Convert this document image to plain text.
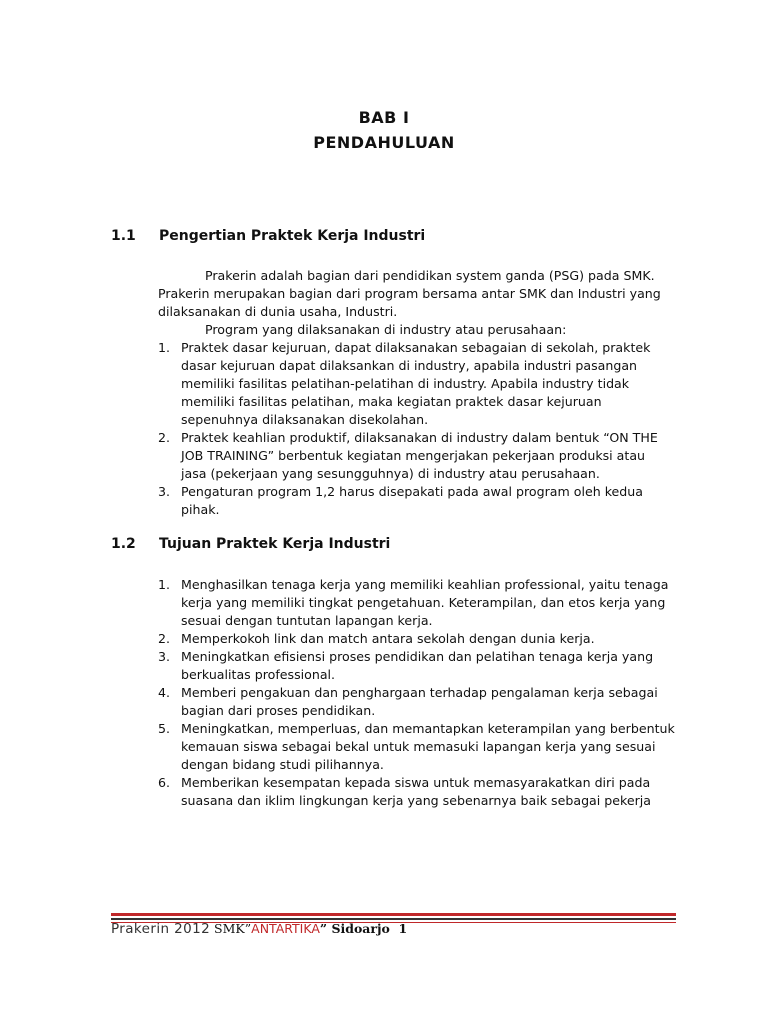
BAB I
PENDAHULUAN
1.1 Pengertian Praktek Kerja Industri
Prakerin adalah bagian dari pendidikan system ganda (PSG) pada SMK.
Prakerin merupakan bagian dari program bersama antar SMK dan Industri yang
dilaksanakan di dunia usaha, Industri.
Program yang dilaksanakan di industry atau perusahaan:
1. Praktek dasar kejuruan, dapat dilaksanakan sebagaian di sekolah, praktek
dasar kejuruan dapat dilaksankan di industry, apabila industri pasangan
memiliki fasilitas pelatihan-pelatihan di industry. Apabila industry tidak
memiliki fasilitas pelatihan, maka kegiatan praktek dasar kejuruan
sepenuhnya dilaksanakan disekolahan.
2. Praktek keahlian produktif, dilaksanakan di industry dalam bentuk “ON THE
JOB TRAINING” berbentuk kegiatan mengerjakan pekerjaan produksi atau
jasa (pekerjaan yang sesungguhnya) di industry atau perusahaan.
3. Pengaturan program 1,2 harus disepakati pada awal program oleh kedua
pihak.
1.2 Tujuan Praktek Kerja Industri
1. Menghasilkan tenaga kerja yang memiliki keahlian professional, yaitu tenaga
kerja yang memiliki tingkat pengetahuan. Keterampilan, dan etos kerja yang
sesuai dengan tuntutan lapangan kerja.
2. Memperkokoh link dan match antara sekolah dengan dunia kerja.
3. Meningkatkan efisiensi proses pendidikan dan pelatihan tenaga kerja yang
berkualitas professional.
4. Memberi pengakuan dan penghargaan terhadap pengalaman kerja sebagai
bagian dari proses pendidikan.
5. Meningkatkan, memperluas, dan memantapkan keterampilan yang berbentuk
kemauan siswa sebagai bekal untuk memasuki lapangan kerja yang sesuai
dengan bidang studi pilihannya.
6. Memberikan kesempatan kepada siswa untuk memasyarakatkan diri pada
suasana dan iklim lingkungan kerja yang sebenarnya baik sebagai pekerja
Prakerin 2012 SMK”ANTARTIKA” Sidoarjo 1
